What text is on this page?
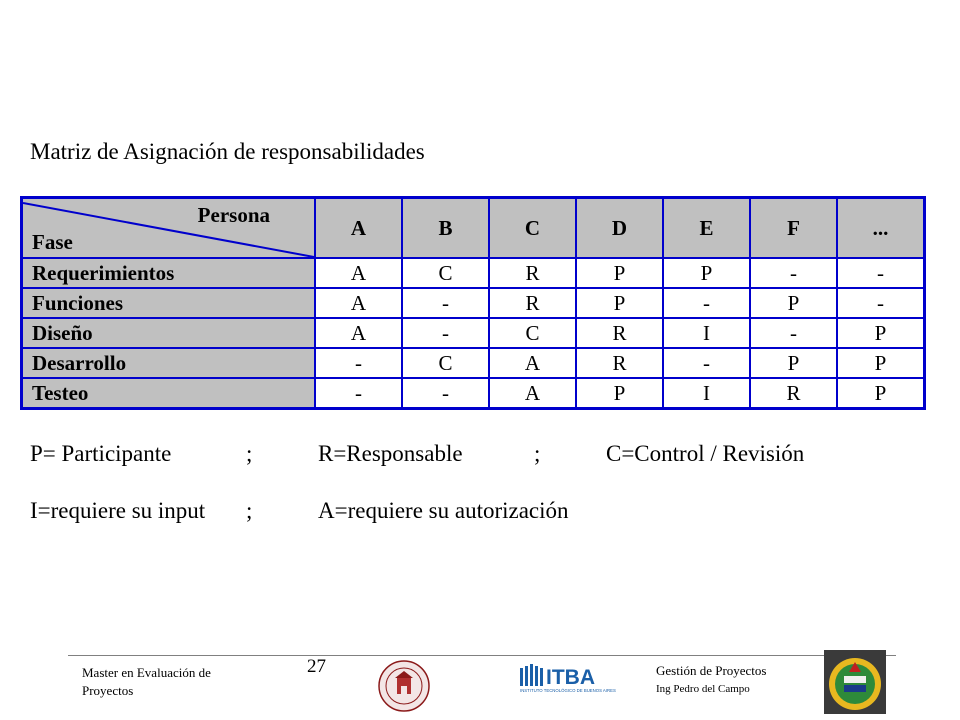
Matriz de Asignación de responsabilidades
Persona
Fase	A	B	C	D	E	F	...
Requerimientos	A	C	R	P	P	-	-
Funciones	A	-	R	P	-	P	-
Diseño	A	-	C	R	I	-	P
Desarrollo	-	C	A	R	-	P	P
Testeo	-	-	A	P	I	R	P
P= Participante	;	R=Responsable	;	C=Control / Revisión
I=requiere su input ;	A=requiere su autorización
Master en Evaluación de
Proyectos
27	ITBA
INSTITUTO TECNOLÓGICO DE BUENOS AIRES
Gestión de Proyectos
Ing Pedro del Campo
